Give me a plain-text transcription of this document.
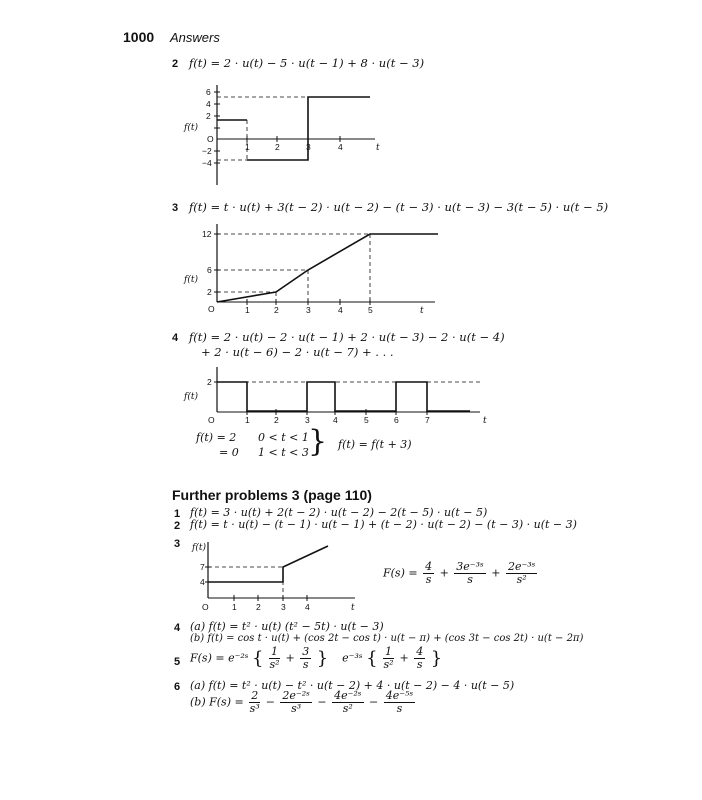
1000 Answers
2 f(t) = 2 · u(t) − 5 · u(t − 1) + 8 · u(t − 3)
6
4
2
−2
−4
O
f(t)
1	2	3	4	t
3 f(t) = t · u(t) + 3(t − 2) · u(t − 2) − (t − 3) · u(t − 3) − 3(t − 5) · u(t − 5)
12
6
2
f(t)
O	1	2	3	4	5	t
4 f(t) = 2 · u(t) − 2 · u(t − 1) + 2 · u(t − 3) − 2 · u(t − 4)
+ 2 · u(t − 6) − 2 · u(t − 7) + . . .
2
f(t)
O	1	2	3	4	5	6	7	t
f(t) = 2 0 < t < 1
= 0 1 < t < 3 } f(t) = f(t + 3)
Further problems 3 (page 110)
1 f(t) = 3 · u(t) + 2(t − 2) · u(t − 2) − 2(t − 5) · u(t − 5)
2 f(t) = t · u(t) − (t − 1) · u(t − 1) + (t − 2) · u(t − 2) − (t − 3) · u(t − 3)
3
7
4
f(t)
O	1 2 3 4	t
$F(s) = \frac{4}{s} + \frac{\text{3e⁻³ˢ}}{s} + \frac{\text{2e⁻³ˢ}}{\text{s²}}$
4 (a) f(t) = t² · u(t) (t² − 5t) · u(t − 3)
(b) f(t) = cos t · u(t) + (cos 2t − cos t) · u(t − π) + (cos 3t − cos 2t) · u(t − 2π)
5 F(s) = e⁻²ˢ { $\frac{1}{\text{s²}} + \frac{3}{s}$ } e⁻³ˢ { $\frac{1}{\text{s²}} + \frac{4}{s}$ }
6 (a) f(t) = t² · u(t) − t² · u(t − 2) + 4 · u(t − 2) − 4 · u(t − 5)
(b) $F(s) = \frac{2}{\text{s³}} - \frac{\text{2e⁻²ˢ}}{\text{s³}} - \frac{\text{4e⁻²ˢ}}{\text{s²}} - \frac{\text{4e⁻⁵ˢ}}{s}$
